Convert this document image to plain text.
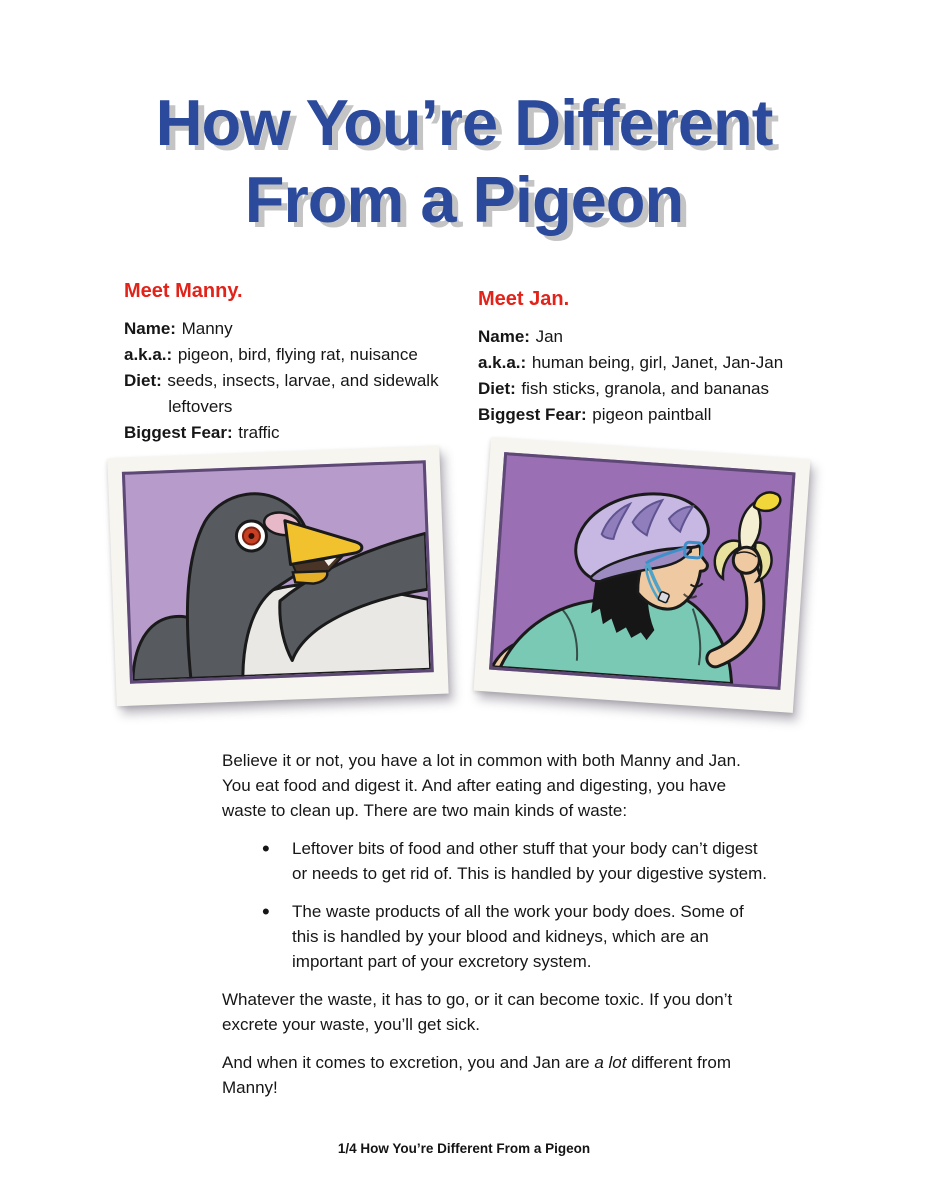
How You’re Different
From a Pigeon

Meet Manny.

Name: Manny
a.k.a.: pigeon, bird, flying rat, nuisance
Diet: seeds, insects, larvae, and sidewalk leftovers
Biggest Fear: traffic

Meet Jan.

Name: Jan
a.k.a.: human being, girl, Janet, Jan-Jan
Diet: fish sticks, granola, and bananas
Biggest Fear: pigeon paintball

Believe it or not, you have a lot in common with both Manny and Jan. You eat food and digest it. And after eating and digesting, you have waste to clean up. There are two main kinds of waste:

• Leftover bits of food and other stuff that your body can’t digest or needs to get rid of. This is handled by your digestive system.
• The waste products of all the work your body does. Some of this is handled by your blood and kidneys, which are an important part of your excretory system.

Whatever the waste, it has to go, or it can become toxic. If you don’t excrete your waste, you’ll get sick.

And when it comes to excretion, you and Jan are a lot different from Manny!

1/4 How You’re Different From a Pigeon
